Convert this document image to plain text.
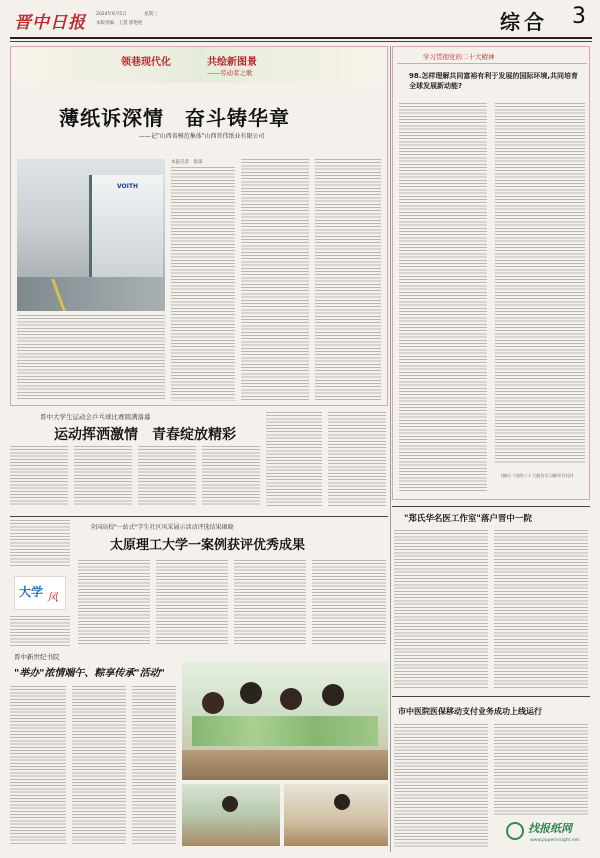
晋中日报 2024年6月5日	星期三
本版责编：王慧 郭艳艳	综合 3
领巷现代化	共绘新图景
——劳动者之歌
薄纸诉深情　奋斗铸华章
——记"山西省模范集体"山西晋伟纸业有限公司
VOITH
本报记者　张琼
学习贯彻党的二十大精神
98.怎样理解共同富裕有利于发展的国际环境,共同培育全球发展新动能?
(摘自《党的二十大报告学习辅导百问》)
晋中大学生运动会乒乓球比赛圆满落幕
运动挥洒激情　青春绽放精彩
大学 风
全国高校"一站式"学生社区风采展示活动评选结果揭晓
太原理工大学一案例获评优秀成果
晋中新世纪书院
"举办"浓情端午、粽享传承"活动"
"郑氏华名医工作室"落户晋中一院
市中医院医保移动支付业务成功上线运行
找报纸网
www.paperinsight.net
